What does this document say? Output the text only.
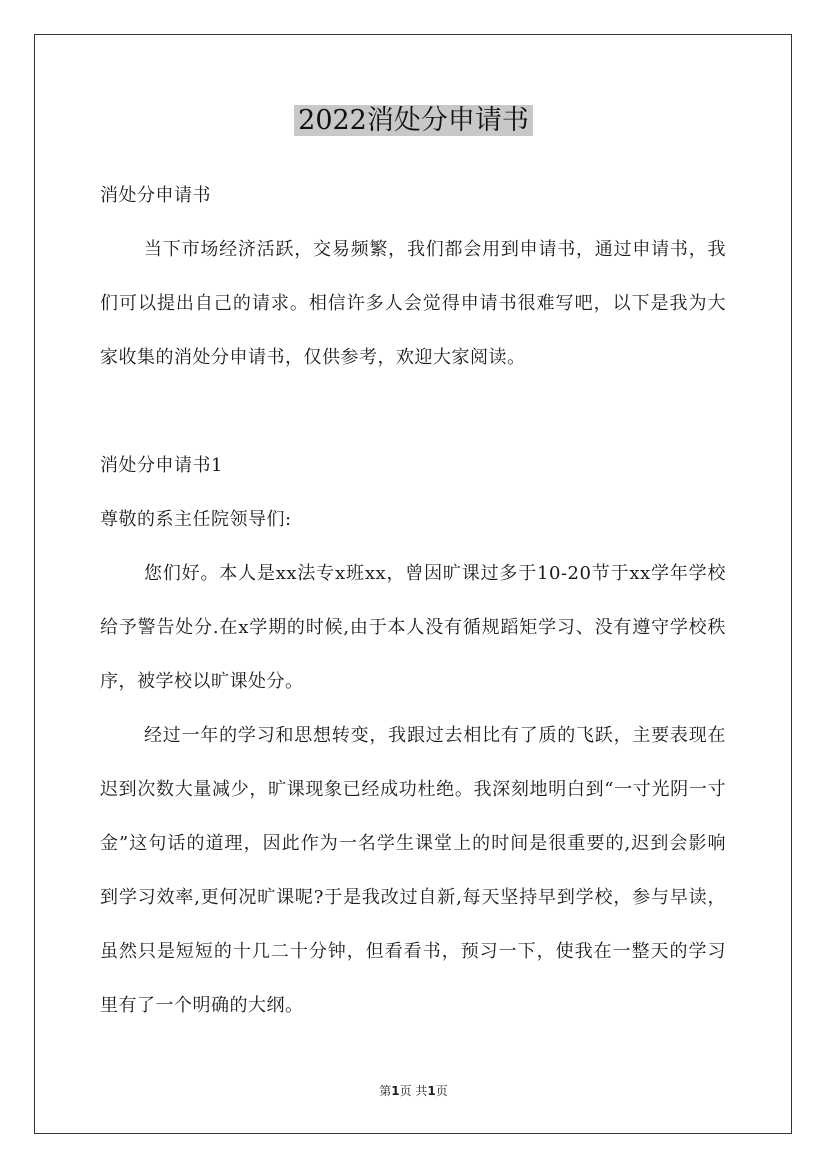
2022消处分申请书

消处分申请书

当下市场经济活跃，交易频繁，我们都会用到申请书，通过申请书，我们可以提出自己的请求。相信许多人会觉得申请书很难写吧，以下是我为大家收集的消处分申请书，仅供参考，欢迎大家阅读。

消处分申请书1

尊敬的系主任院领导们:

您们好。本人是xx法专x班xx，曾因旷课过多于10-20节于xx学年学校给予警告处分.在x学期的时候,由于本人没有循规蹈矩学习、没有遵守学校秩序，被学校以旷课处分。

经过一年的学习和思想转变，我跟过去相比有了质的飞跃，主要表现在迟到次数大量减少，旷课现象已经成功杜绝。我深刻地明白到“一寸光阴一寸金”这句话的道理，因此作为一名学生课堂上的时间是很重要的,迟到会影响到学习效率,更何况旷课呢?于是我改过自新,每天坚持早到学校，参与早读，虽然只是短短的十几二十分钟，但看看书，预习一下，使我在一整天的学习里有了一个明确的大纲。

第1页 共1页
